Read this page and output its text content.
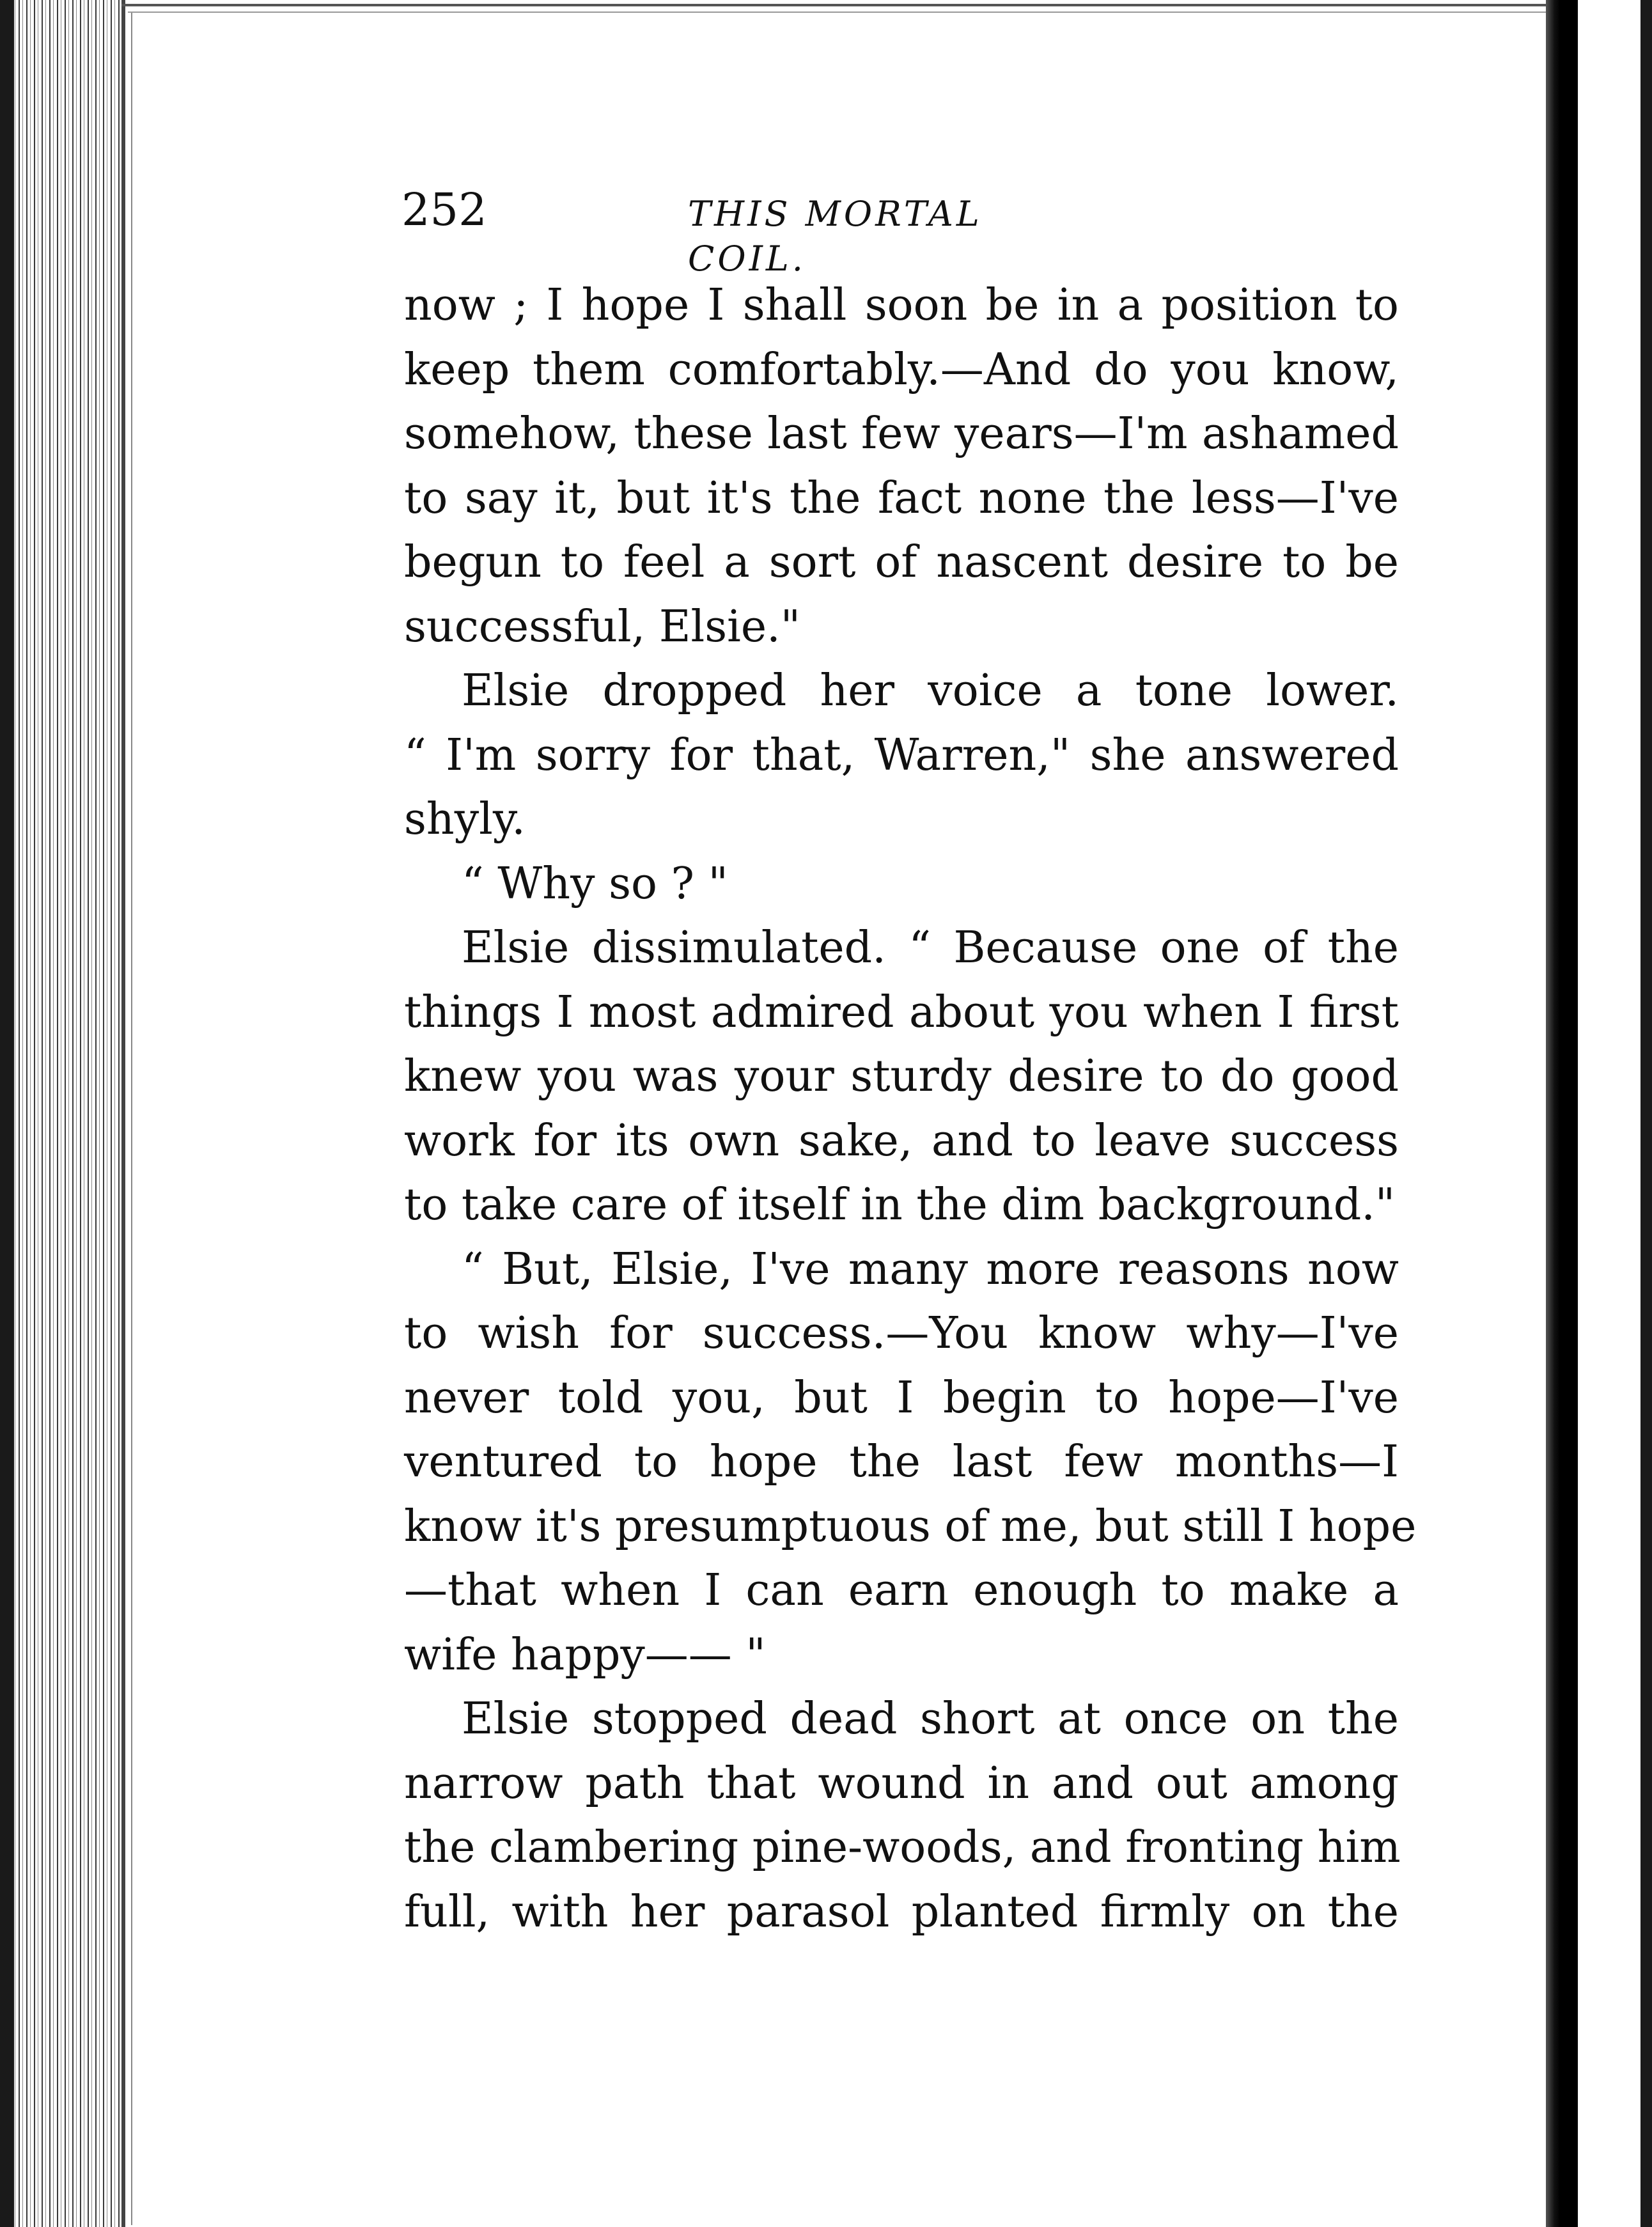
252	THIS MORTAL COIL.
now ; I hope I shall soon be in a position to
keep them comfortably.—And do you know,
somehow, these last few years—I'm ashamed
to say it, but it's the fact none the less—I've
begun to feel a sort of nascent desire to be
successful, Elsie."
Elsie dropped her voice a tone lower.
“ I'm sorry for that, Warren," she answered
shyly.
“ Why so ? "
Elsie dissimulated. “ Because one of the
things I most admired about you when I first
knew you was your sturdy desire to do good
work for its own sake, and to leave success
to take care of itself in the dim background."
“ But, Elsie, I've many more reasons now
to wish for success.—You know why—I've
never told you, but I begin to hope—I've
ventured to hope the last few months—I
know it's presumptuous of me, but still I hope
—that when I can earn enough to make a
wife happy—— "
Elsie stopped dead short at once on the
narrow path that wound in and out among
the clambering pine-woods, and fronting him
full, with her parasol planted firmly on the
